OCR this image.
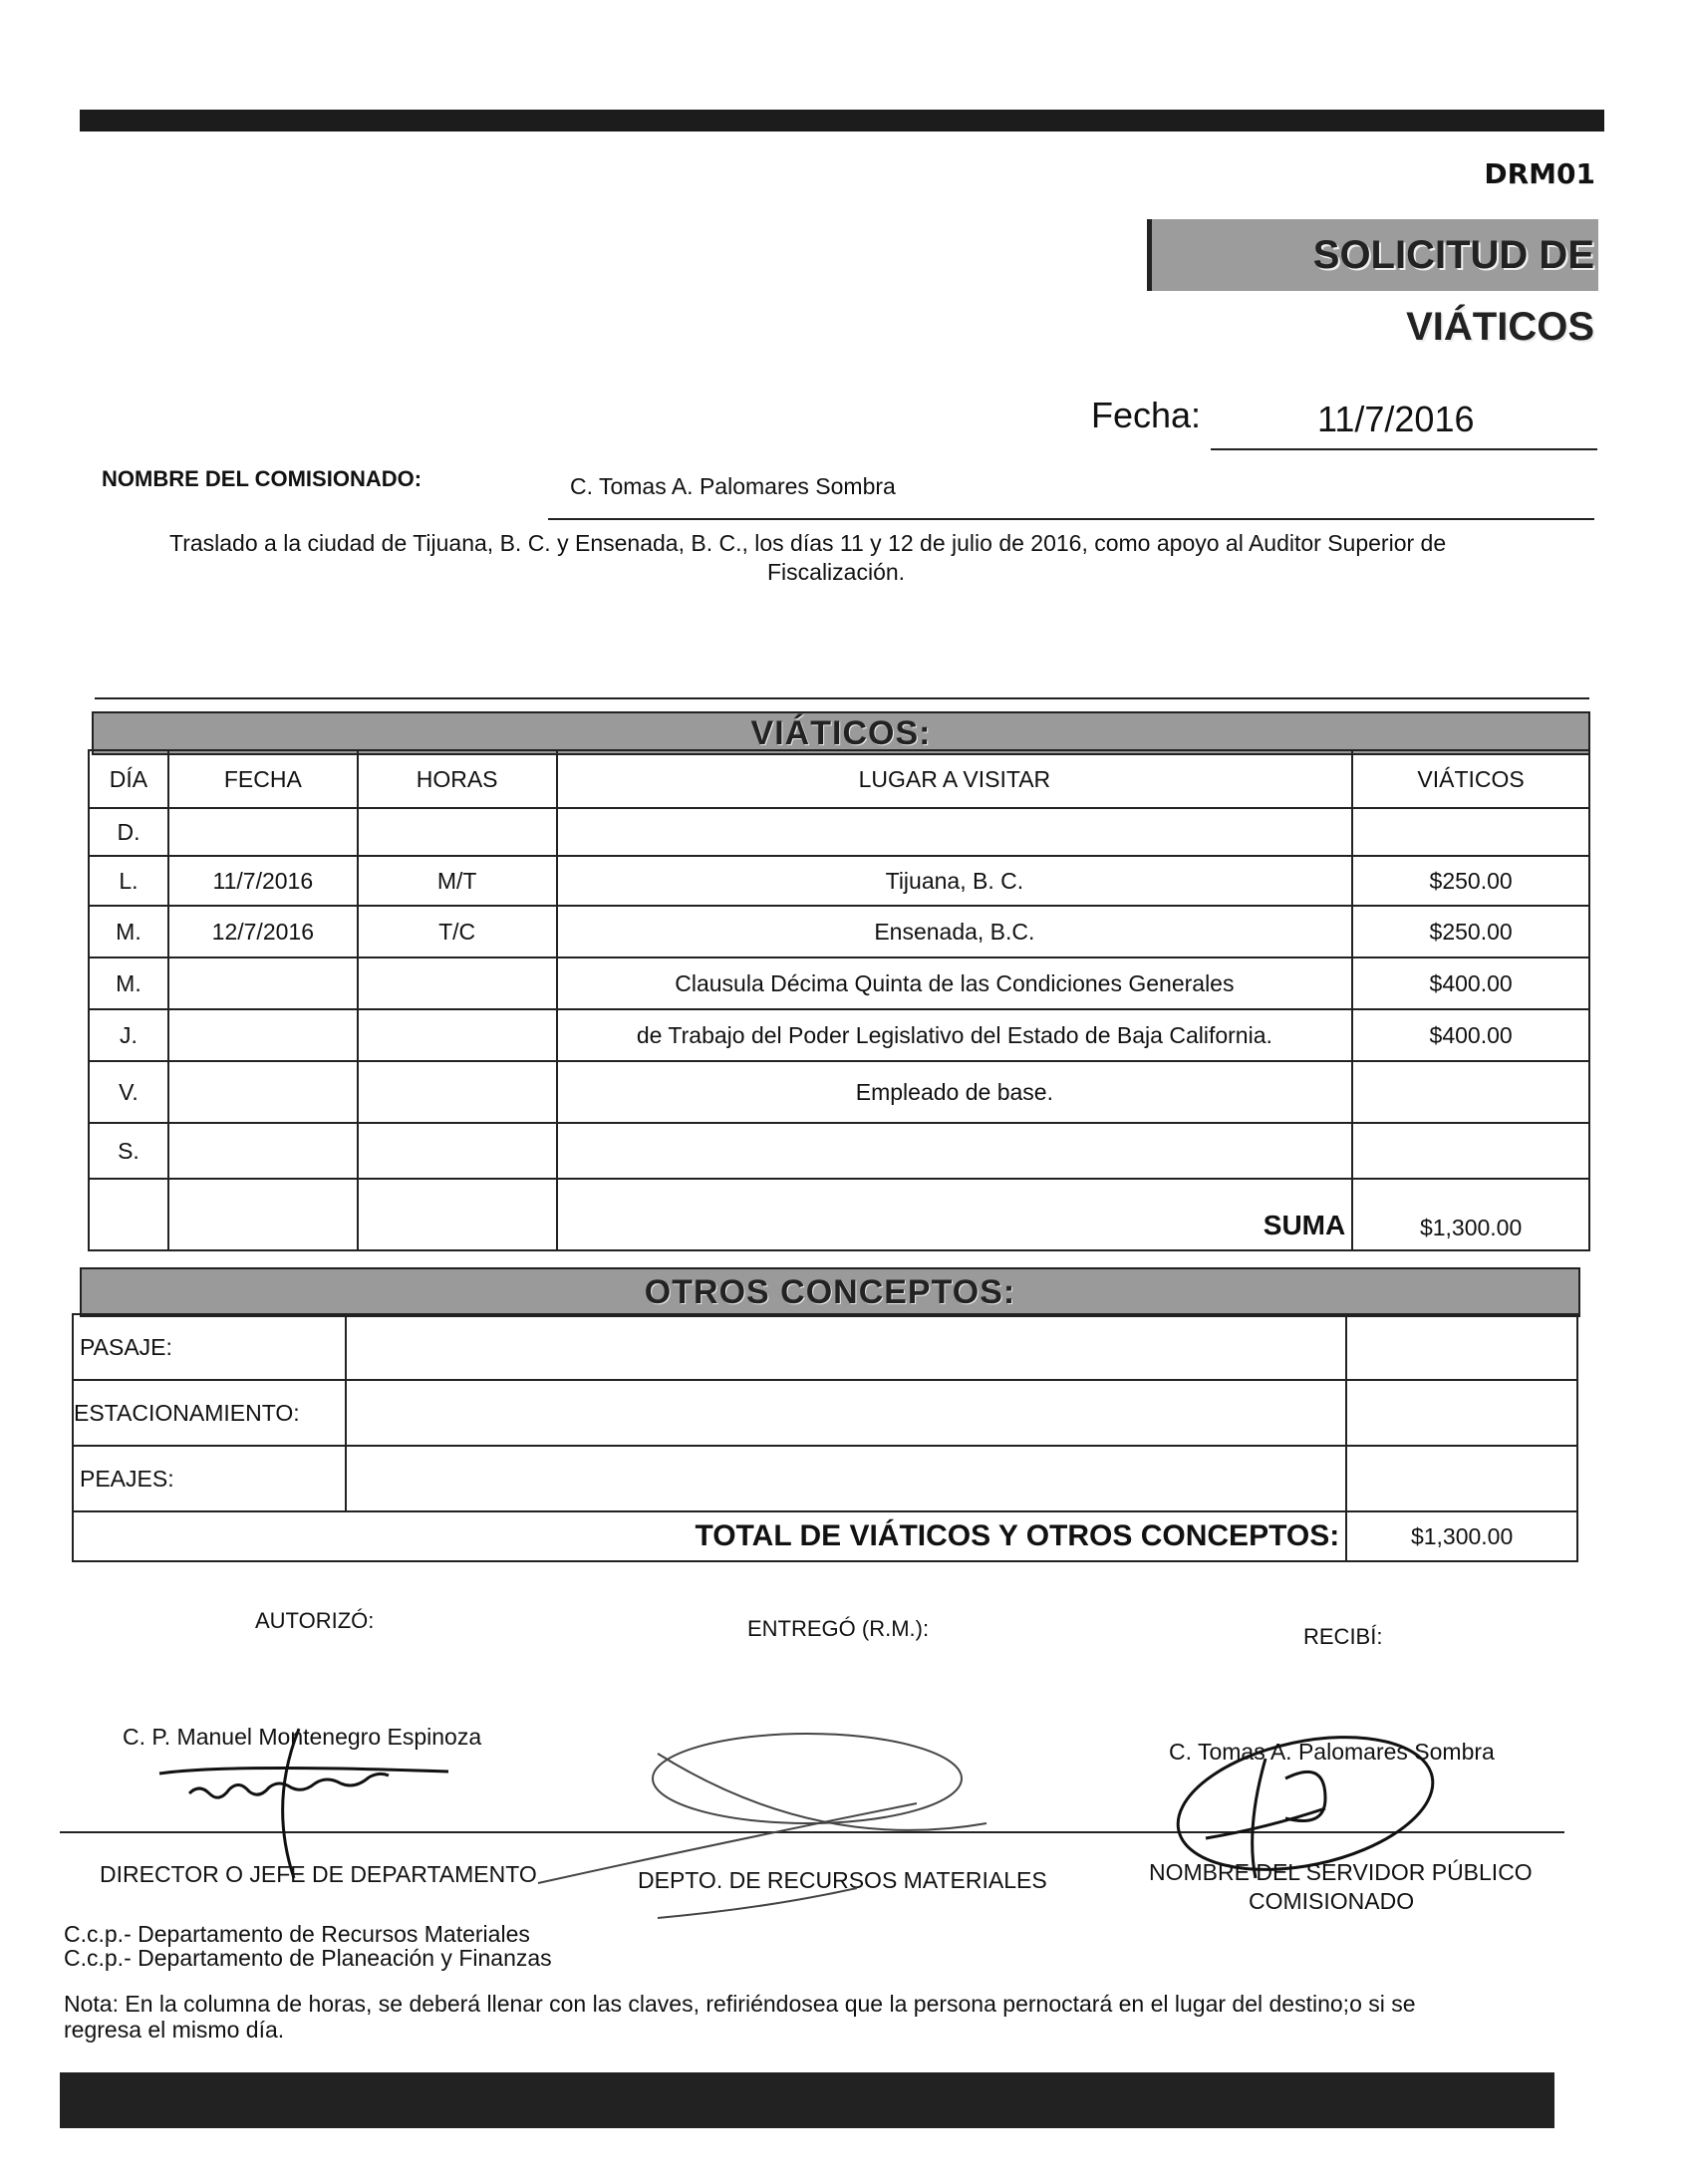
DRM01
SOLICITUD DE VIÁTICOS
Fecha:	11/7/2016
NOMBRE DEL COMISIONADO:	C. Tomas A. Palomares Sombra
Traslado a la ciudad de Tijuana, B. C. y Ensenada, B. C., los días 11 y 12 de julio de 2016, como apoyo al Auditor Superior de
Fiscalización.
VIÁTICOS:
DÍA	FECHA	HORAS	LUGAR A VISITAR	VIÁTICOS
D.				
L.	11/7/2016	M/T	Tijuana, B. C.	$250.00
M.	12/7/2016	T/C	Ensenada, B.C.	$250.00
M.			Clausula Décima Quinta de las Condiciones Generales	$400.00
J.			de Trabajo del Poder Legislativo del Estado de Baja California.	$400.00
V.			Empleado de base.	
S.				
			SUMA	$1,300.00
OTROS CONCEPTOS:
PASAJE:		
ESTACIONAMIENTO:		
PEAJES:		
TOTAL DE VIÁTICOS Y OTROS CONCEPTOS:		$1,300.00
AUTORIZÓ:	ENTREGÓ (R.M.):	RECIBÍ:
C. P. Manuel Montenegro Espinoza
C. Tomas A. Palomares Sombra
DIRECTOR O JEFE DE DEPARTAMENTO	DEPTO. DE RECURSOS MATERIALES	NOMBRE DEL SERVIDOR PÚBLICO
COMISIONADO
C.c.p.- Departamento de Recursos Materiales
C.c.p.- Departamento de Planeación y Finanzas
Nota: En la columna de horas, se deberá llenar con las claves, refiriéndosea que la persona pernoctará en el lugar del destino;o si se
regresa el mismo día.
